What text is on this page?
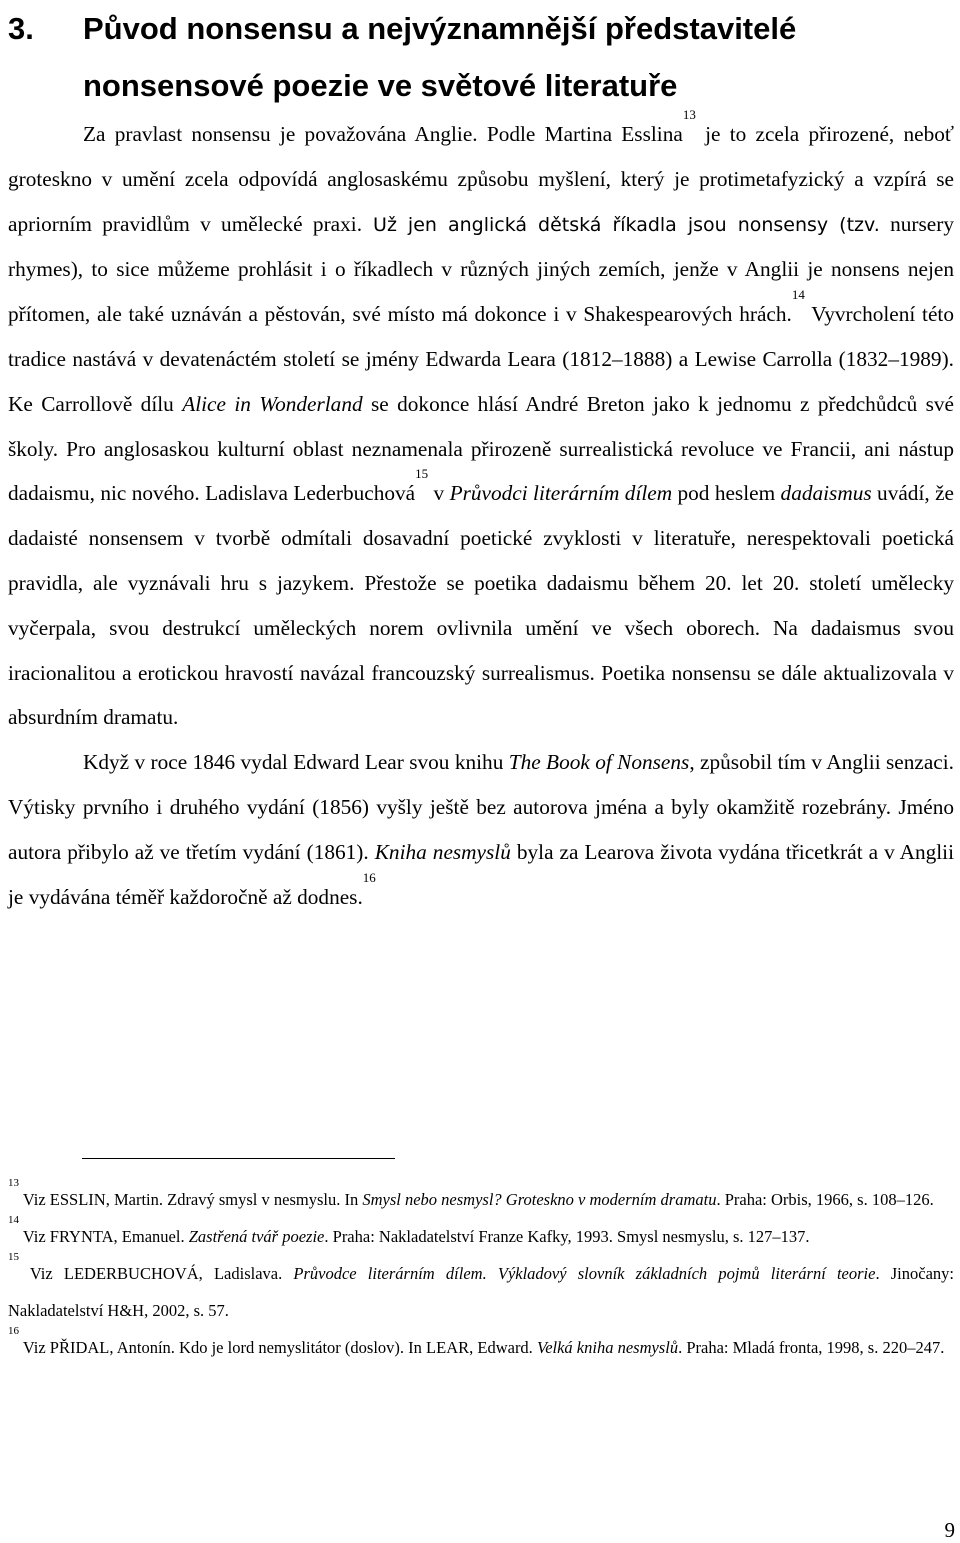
3. Původ nonsensu a nejvýznamnější představitelé
nonsensové poezie ve světové literatuře

Za pravlast nonsensu je považována Anglie. Podle Martina Esslina$^{13}$ je to zcela přirozené, neboť groteskno v umění zcela odpovídá anglosaskému způsobu myšlení, který je protimetafyzický a vzpírá se apriorním pravidlům v umělecké praxi. Už jen anglická dětská říkadla jsou nonsensy (tzv. nursery rhymes), to sice můžeme prohlásit i o říkadlech v různých jiných zemích, jenže v Anglii je nonsens nejen přítomen, ale také uznáván a pěstován, své místo má dokonce i v Shakespearových hrách.$^{14}$ Vyvrcholení této tradice nastává v devatenáctém století se jmény Edwarda Leara (1812–1888) a Lewise Carrolla (1832–1989). Ke Carrollově dílu Alice in Wonderland se dokonce hlásí André Breton jako k jednomu z předchůdců své školy. Pro anglosaskou kulturní oblast neznamenala přirozeně surrealistická revoluce ve Francii, ani nástup dadaismu, nic nového. Ladislava Lederbuchová$^{15}$ v Průvodci literárním dílem pod heslem dadaismus uvádí, že dadaisté nonsensem v tvorbě odmítali dosavadní poetické zvyklosti v literatuře, nerespektovali poetická pravidla, ale vyznávali hru s jazykem. Přestože se poetika dadaismu během 20. let 20. století umělecky vyčerpala, svou destrukcí uměleckých norem ovlivnila umění ve všech oborech. Na dadaismus svou iracionalitou a erotickou hravostí navázal francouzský surrealismus. Poetika nonsensu se dále aktualizovala v absurdním dramatu.

Když v roce 1846 vydal Edward Lear svou knihu The Book of Nonsens, způsobil tím v Anglii senzaci. Výtisky prvního i druhého vydání (1856) vyšly ještě bez autorova jména a byly okamžitě rozebrány. Jméno autora přibylo až ve třetím vydání (1861). Kniha nesmyslů byla za Learova života vydána třicetkrát a v Anglii je vydávána téměř každoročně až dodnes.$^{16}$

$^{13}$ Viz ESSLIN, Martin. Zdravý smysl v nesmyslu. In Smysl nebo nesmysl? Groteskno v moderním dramatu. Praha: Orbis, 1966, s. 108–126.

$^{14}$ Viz FRYNTA, Emanuel. Zastřená tvář poezie. Praha: Nakladatelství Franze Kafky, 1993. Smysl nesmyslu, s. 127–137.

$^{15}$ Viz LEDERBUCHOVÁ, Ladislava. Průvodce literárním dílem. Výkladový slovník základních pojmů literární teorie. Jinočany: Nakladatelství H&H, 2002, s. 57.

$^{16}$ Viz PŘIDAL, Antonín. Kdo je lord nemyslitátor (doslov). In LEAR, Edward. Velká kniha nesmyslů. Praha: Mladá fronta, 1998, s. 220–247.

9
